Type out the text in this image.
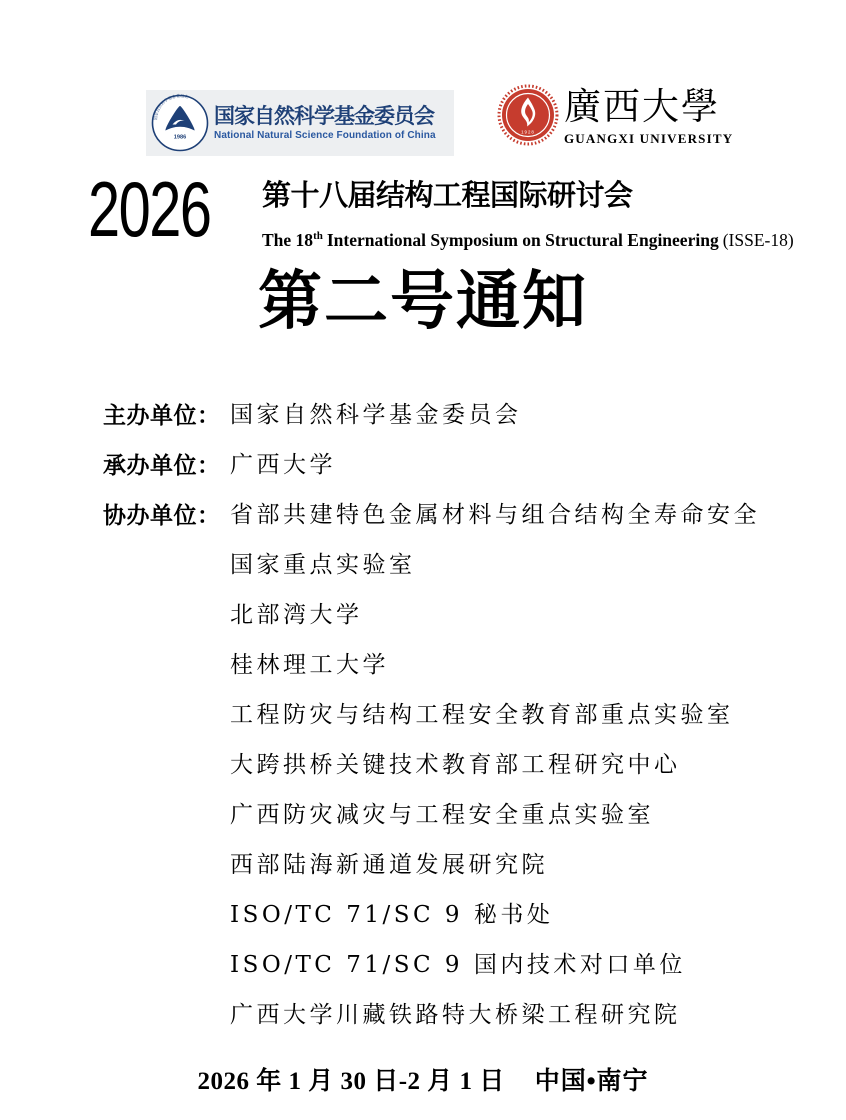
国家自然科学基金委员会
1986
国家自然科学基金委员会
National Natural Science Foundation of China	1928
廣西大學
GUANGXI UNIVERSITY
2026 第十八届结构工程国际研讨会
The 18th International Symposium on Structural Engineering (ISSE-18)
第二号通知
主办单位： 国家自然科学基金委员会
承办单位： 广西大学
协办单位： 省部共建特色金属材料与组合结构全寿命安全
国家重点实验室
北部湾大学
桂林理工大学
工程防灾与结构工程安全教育部重点实验室
大跨拱桥关键技术教育部工程研究中心
广西防灾减灾与工程安全重点实验室
西部陆海新通道发展研究院
ISO/TC 71/SC 9 秘书处
ISO/TC 71/SC 9 国内技术对口单位
广西大学川藏铁路特大桥梁工程研究院
2026 年 1 月 30 日-2 月 1 日 中国•南宁
